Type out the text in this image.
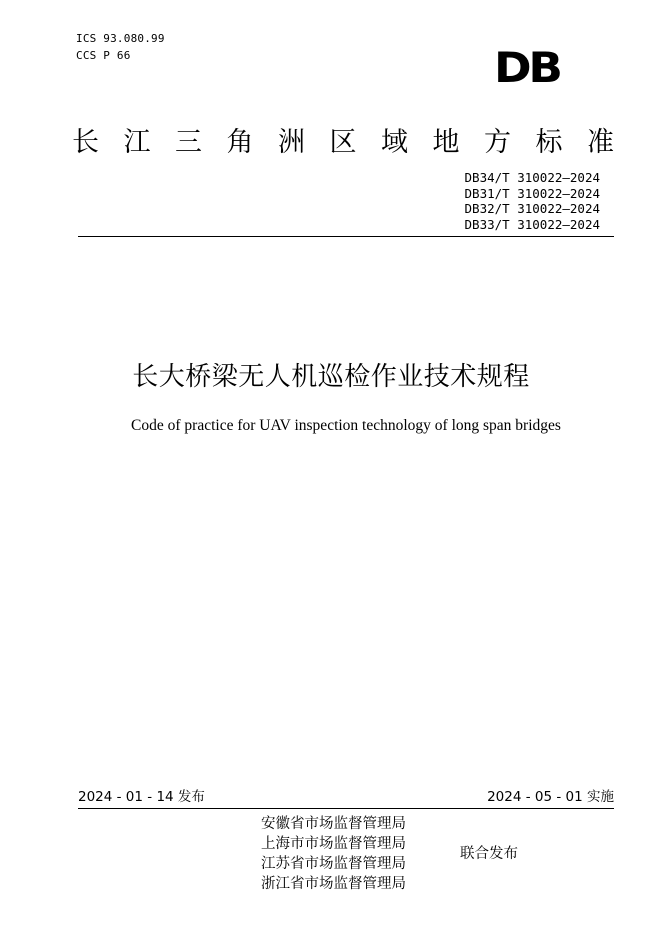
ICS 93.080.99
CCS P 66	DB
长 江 三 角 洲 区 域 地 方 标 准
DB34/T 310022—2024
DB31/T 310022—2024
DB32/T 310022—2024
DB33/T 310022—2024
长大桥梁无人机巡检作业技术规程
Code of practice for UAV inspection technology of long span bridges
2024 - 01 - 14 发布	2024 - 05 - 01 实施
安徽省市场监督管理局
上海市市场监督管理局
江苏省市场监督管理局
浙江省市场监督管理局
联合发布
